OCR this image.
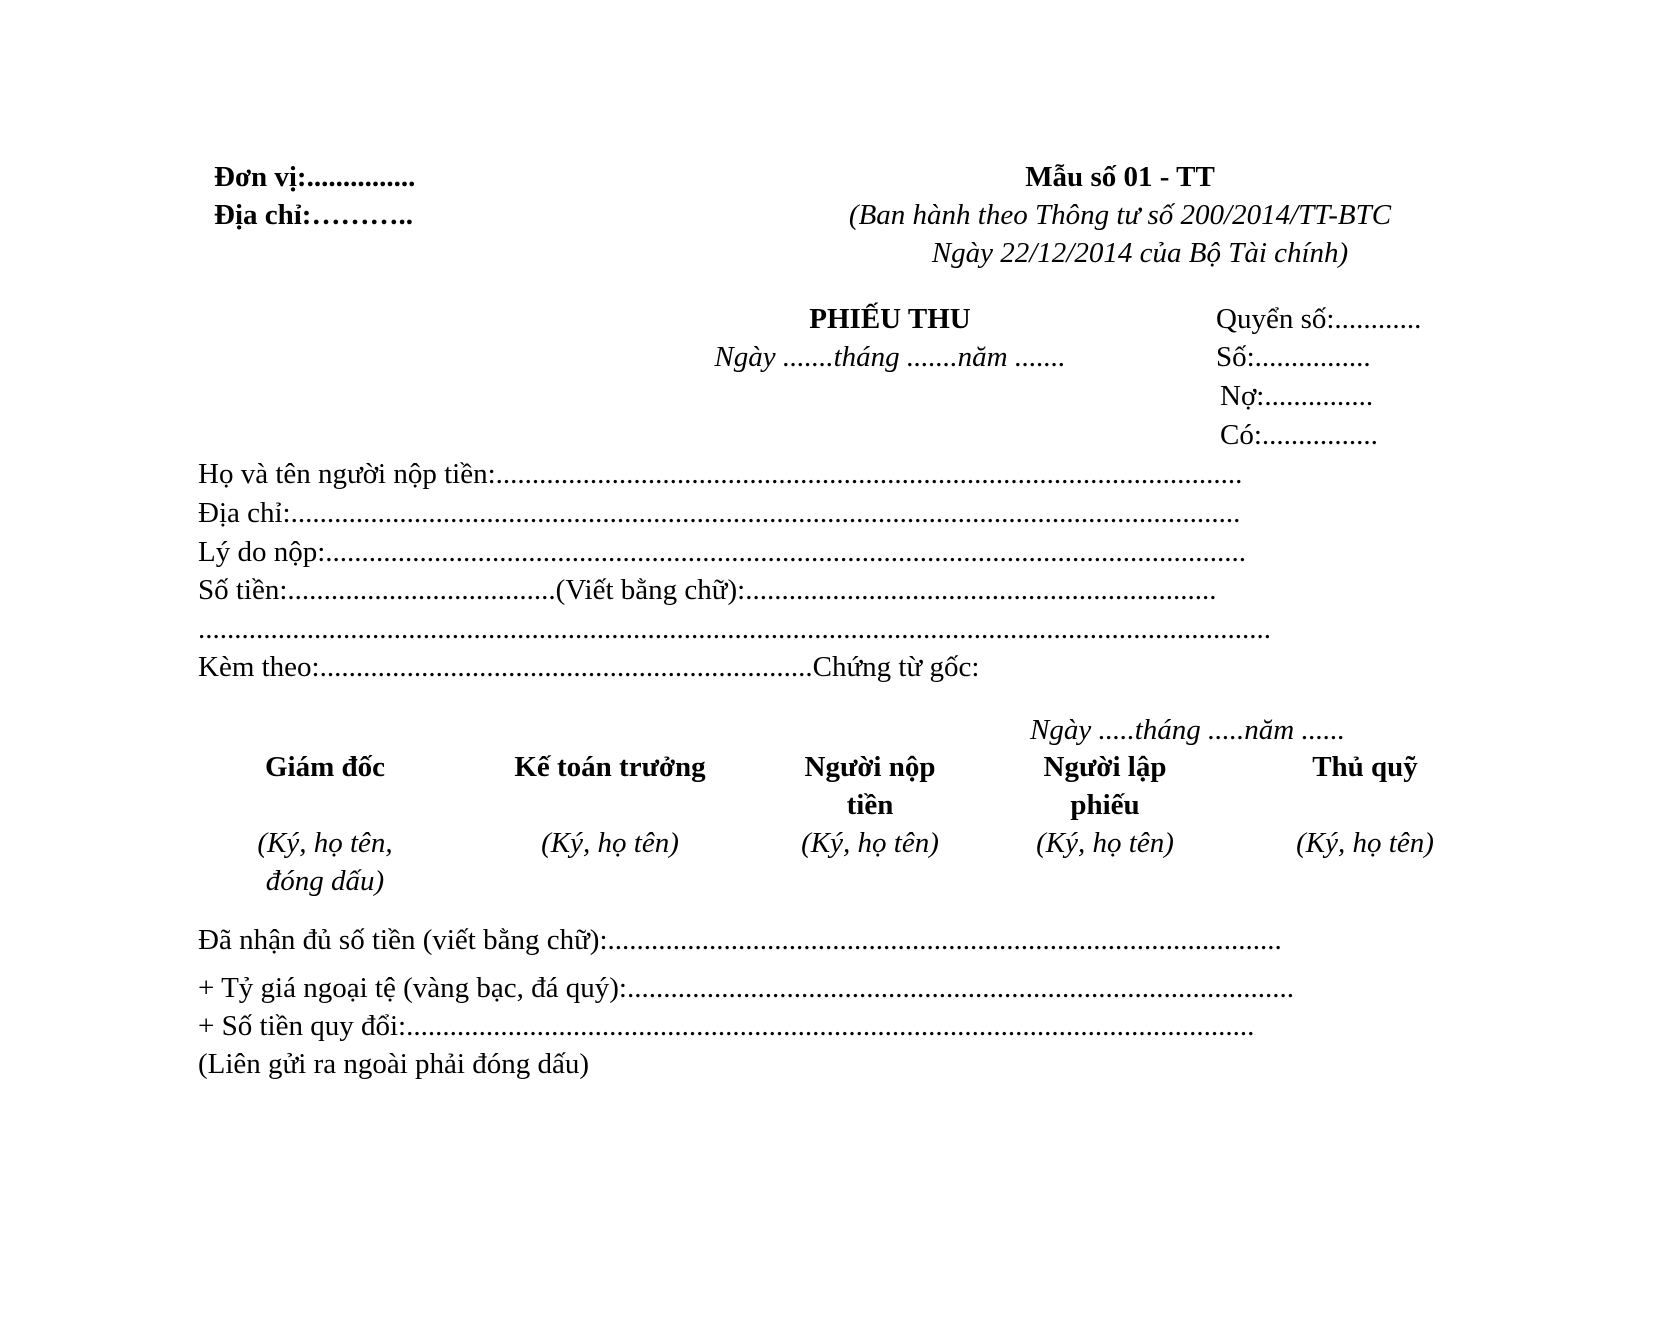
Đơn vị:...............
Địa chỉ:………..
Mẫu số 01 - TT
(Ban hành theo Thông tư số 200/2014/TT-BTC
Ngày 22/12/2014 của Bộ Tài chính)
PHIẾU THU
Ngày .......tháng .......năm .......
Quyển số:............
Số:................
Nợ:...............
Có:................
Họ và tên người nộp tiền:.......................................................................................................
Địa chỉ:...................................................................................................................................
Lý do nộp:...............................................................................................................................
Số tiền:.....................................(Viết bằng chữ):.................................................................
....................................................................................................................................................
Kèm theo:....................................................................Chứng từ gốc:
Ngày .....tháng .....năm ......
Giám đốc
(Ký, họ tên, đóng dấu)
Kế toán trưởng
(Ký, họ tên)
Người nộp tiền
(Ký, họ tên)
Người lập phiếu
(Ký, họ tên)
Thủ quỹ
(Ký, họ tên)
Đã nhận đủ số tiền (viết bằng chữ):.............................................................................................
+ Tỷ giá ngoại tệ (vàng bạc, đá quý):............................................................................................
+ Số tiền quy đổi:.....................................................................................................................
(Liên gửi ra ngoài phải đóng dấu)
